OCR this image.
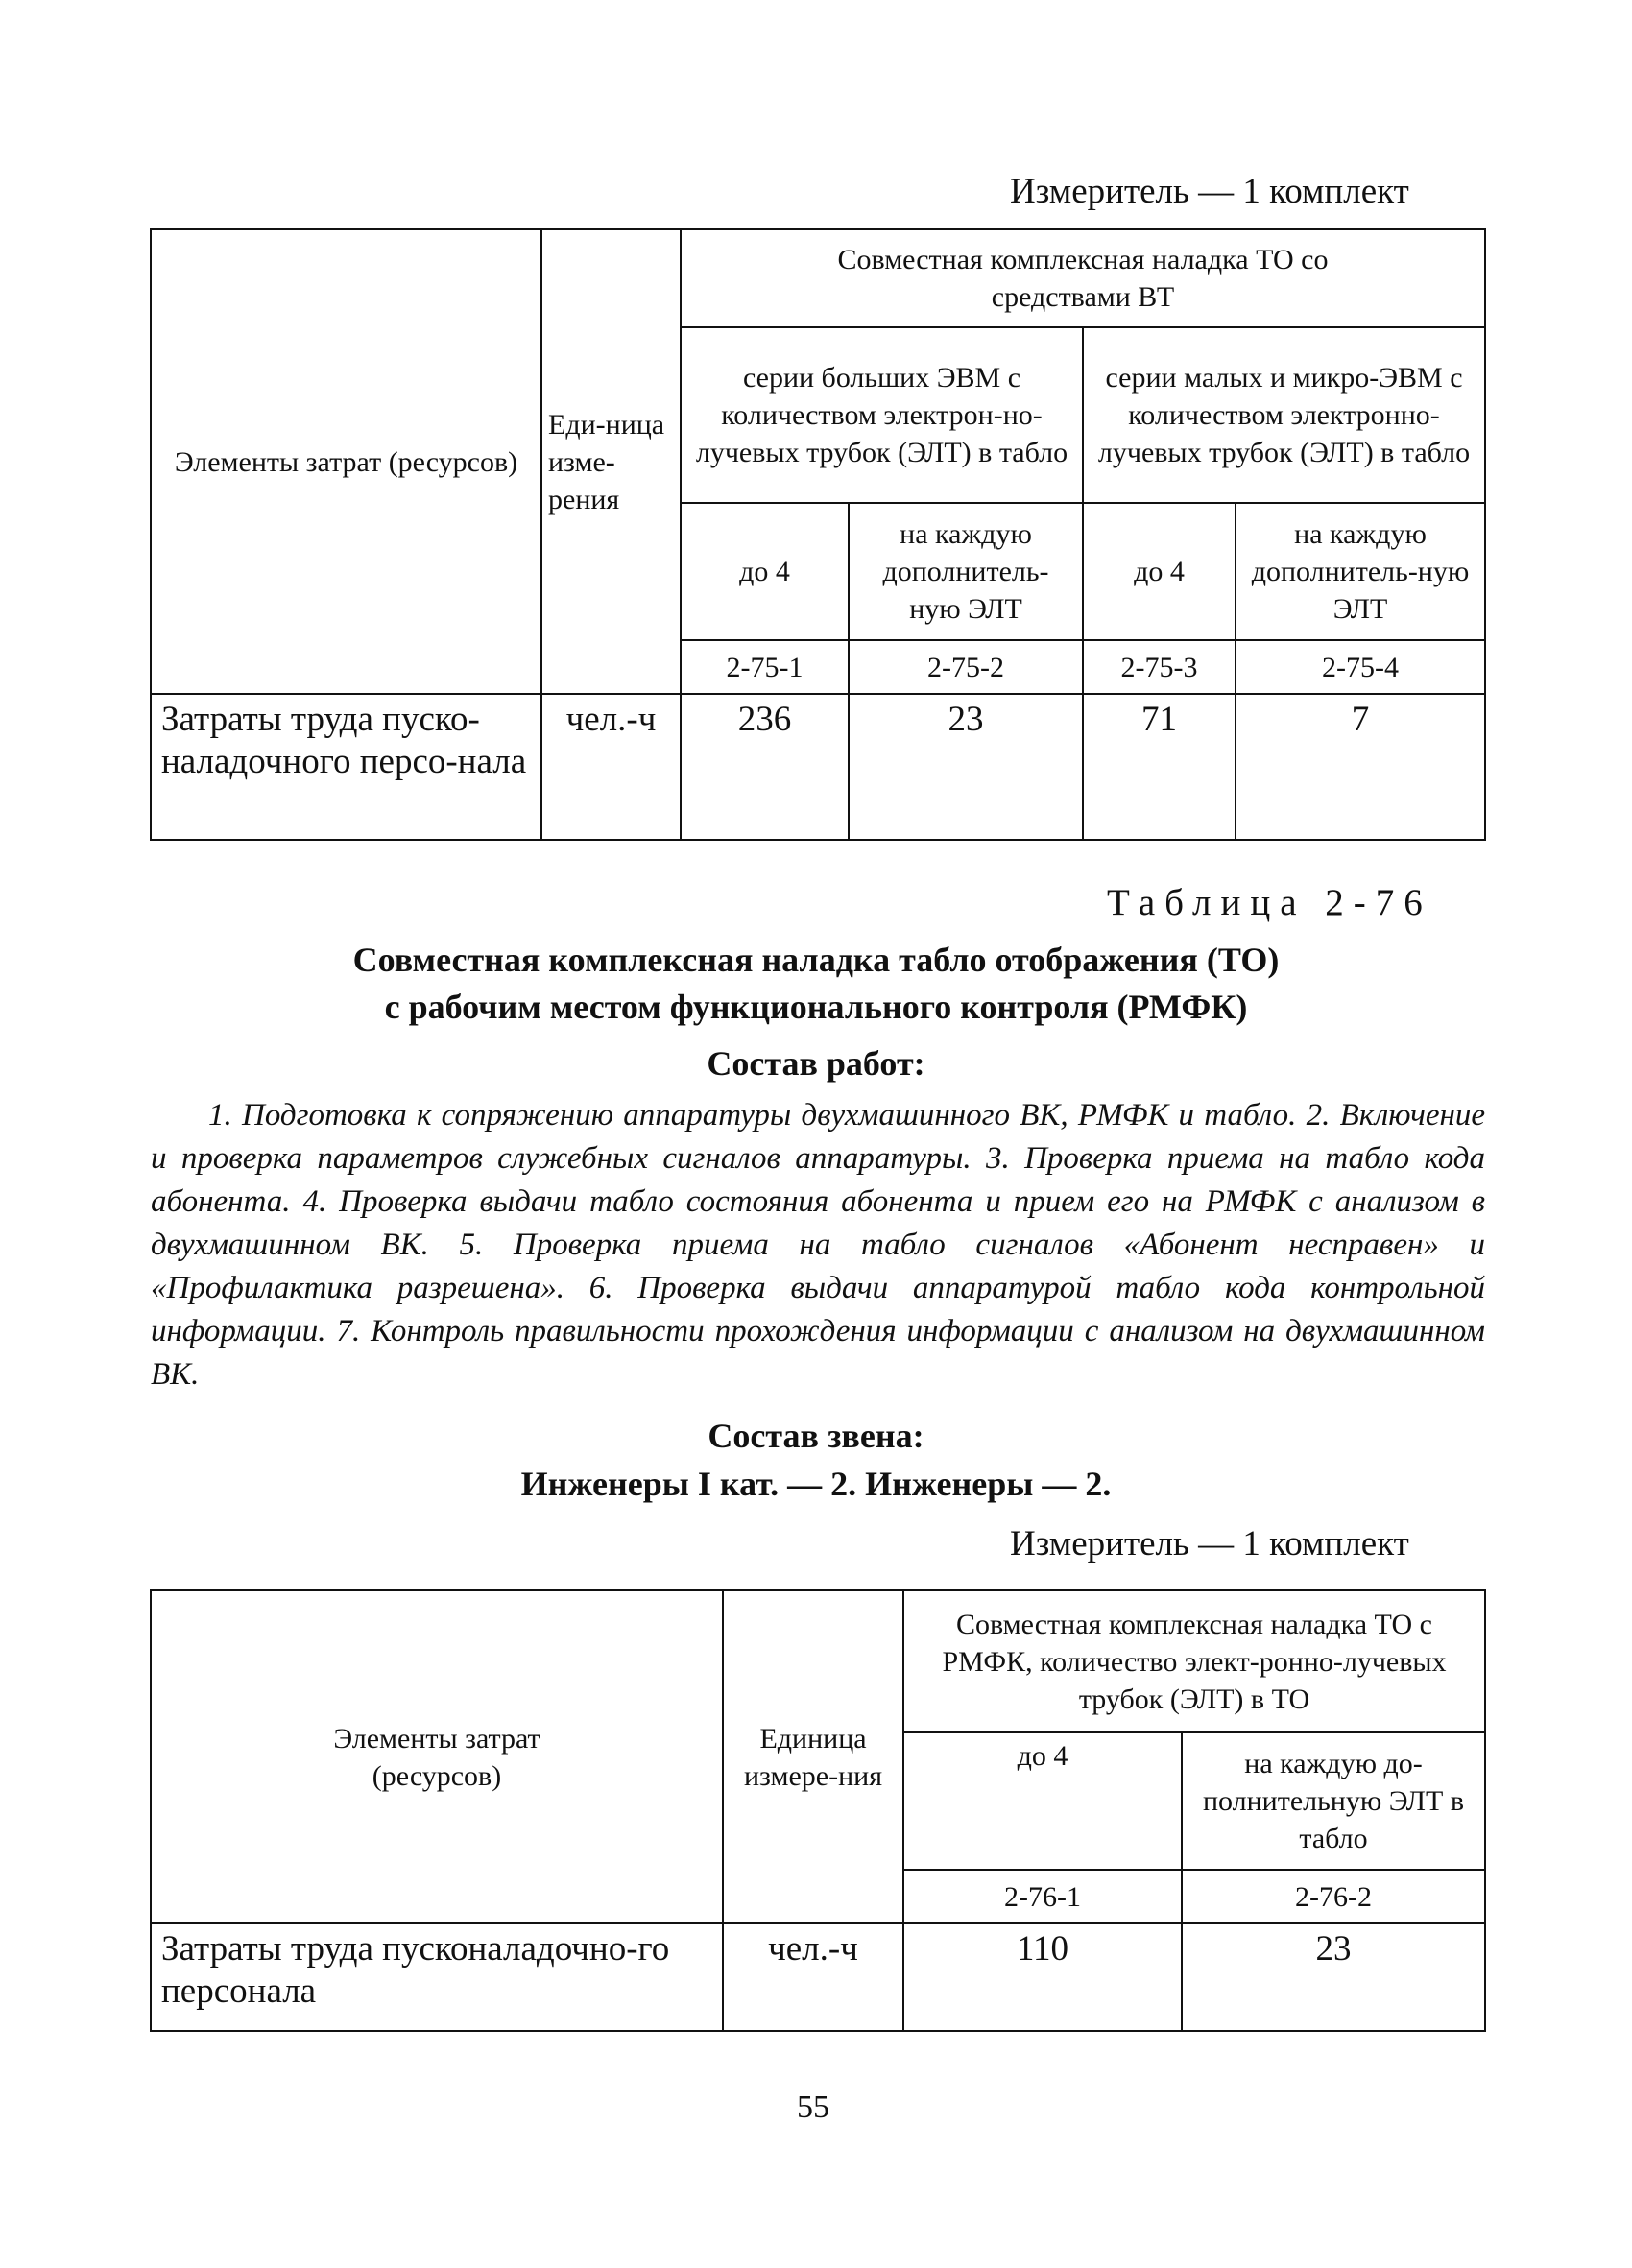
Измеритель — 1 комплект
Элементы затрат (ресурсов)	Еди-ница изме-рения	Совместная комплексная наладка ТО со средствами ВТ			
		серии больших ЭВМ с количеством электрон-но-лучевых трубок (ЭЛТ) в табло		серии малых и микро-ЭВМ с количеством электронно-лучевых трубок (ЭЛТ) в табло	
		до 4	на каждую дополнитель-ную ЭЛТ	до 4	на каждую дополнитель-ную ЭЛТ
		2-75-1	2-75-2	2-75-3	2-75-4
Затраты труда пуско-наладочного персо-нала	чел.-ч	236	23	71	7
Таблица 2-76
Совместная комплексная наладка табло отображения (ТО)
с рабочим местом функционального контроля (РМФК)
Состав работ:
1. Подготовка к сопряжению аппаратуры двухмашинного ВК, РМФК и табло. 2. Включение и проверка параметров служебных сигналов аппаратуры. 3. Проверка приема на табло кода абонента. 4. Проверка выдачи табло состояния абонента и прием его на РМФК с анализом в двухмашинном ВК. 5. Проверка приема на табло сигналов «Абонент несправен» и «Профилактика разрешена». 6. Проверка выдачи аппаратурой табло кода контрольной информации. 7. Контроль правильности прохождения информации с анализом на двухмашинном ВК.
Состав звена:
Инженеры I кат. — 2. Инженеры — 2.
Измеритель — 1 комплект
Элементы затрат (ресурсов)	Единица измере-ния	Совместная комплексная наладка ТО с РМФК, количество элект-ронно-лучевых трубок (ЭЛТ) в ТО	
		до 4	на каждую до-полнительную ЭЛТ в табло
		2-76-1	2-76-2
Затраты труда пусконаладочно-го персонала	чел.-ч	110	23
55
